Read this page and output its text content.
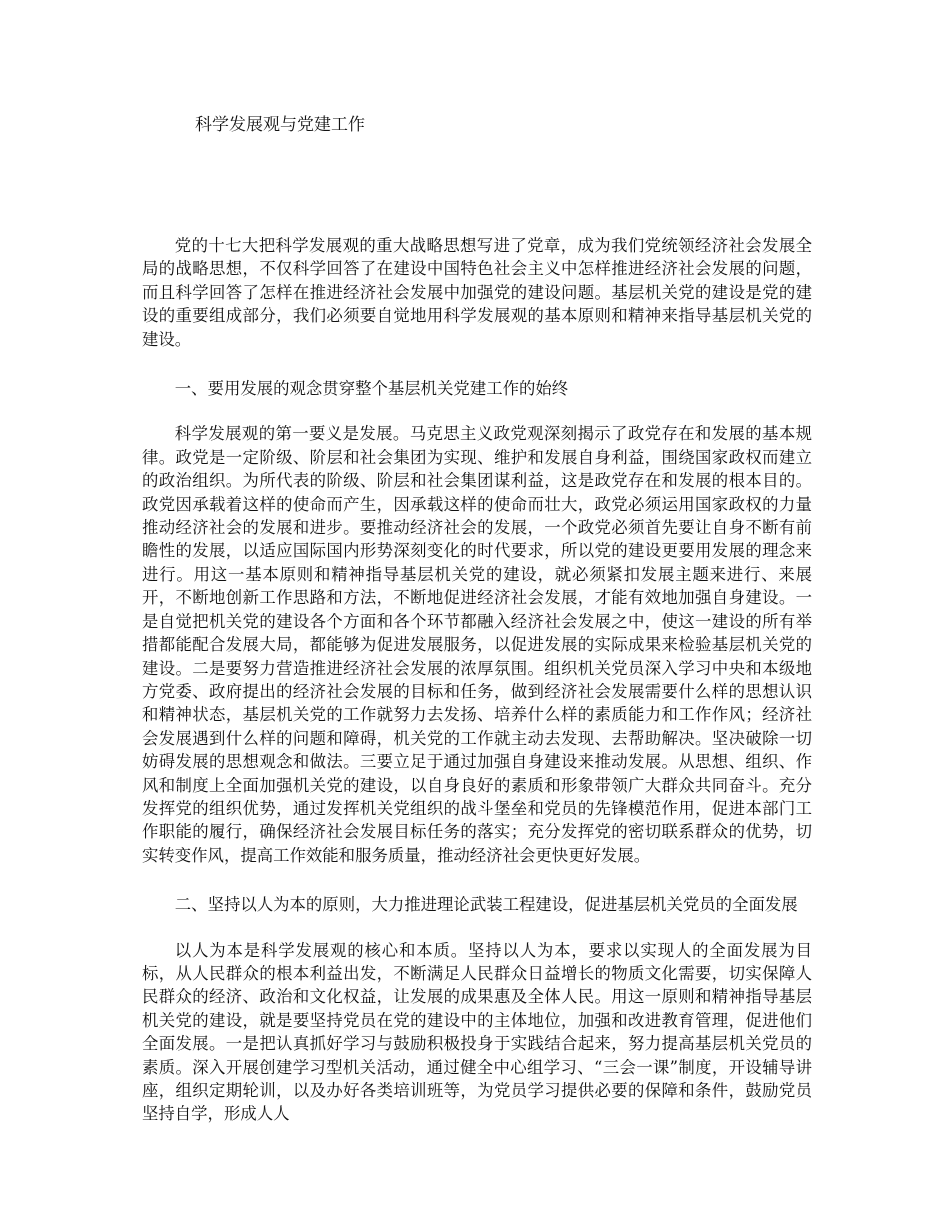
科学发展观与党建工作

党的十七大把科学发展观的重大战略思想写进了党章，成为我们党统领经济社会发展全局的战略思想，不仅科学回答了在建设中国特色社会主义中怎样推进经济社会发展的问题，而且科学回答了怎样在推进经济社会发展中加强党的建设问题。基层机关党的建设是党的建设的重要组成部分，我们必须要自觉地用科学发展观的基本原则和精神来指导基层机关党的建设。

一、要用发展的观念贯穿整个基层机关党建工作的始终

科学发展观的第一要义是发展。马克思主义政党观深刻揭示了政党存在和发展的基本规律。政党是一定阶级、阶层和社会集团为实现、维护和发展自身利益，围绕国家政权而建立的政治组织。为所代表的阶级、阶层和社会集团谋利益，这是政党存在和发展的根本目的。政党因承载着这样的使命而产生，因承载这样的使命而壮大，政党必须运用国家政权的力量推动经济社会的发展和进步。要推动经济社会的发展，一个政党必须首先要让自身不断有前瞻性的发展，以适应国际国内形势深刻变化的时代要求，所以党的建设更要用发展的理念来进行。用这一基本原则和精神指导基层机关党的建设，就必须紧扣发展主题来进行、来展开，不断地创新工作思路和方法，不断地促进经济社会发展，才能有效地加强自身建设。一是自觉把机关党的建设各个方面和各个环节都融入经济社会发展之中，使这一建设的所有举措都能配合发展大局，都能够为促进发展服务，以促进发展的实际成果来检验基层机关党的建设。二是要努力营造推进经济社会发展的浓厚氛围。组织机关党员深入学习中央和本级地方党委、政府提出的经济社会发展的目标和任务，做到经济社会发展需要什么样的思想认识和精神状态，基层机关党的工作就努力去发扬、培养什么样的素质能力和工作作风；经济社会发展遇到什么样的问题和障碍，机关党的工作就主动去发现、去帮助解决。坚决破除一切妨碍发展的思想观念和做法。三要立足于通过加强自身建设来推动发展。从思想、组织、作风和制度上全面加强机关党的建设，以自身良好的素质和形象带领广大群众共同奋斗。充分发挥党的组织优势，通过发挥机关党组织的战斗堡垒和党员的先锋模范作用，促进本部门工作职能的履行，确保经济社会发展目标任务的落实；充分发挥党的密切联系群众的优势，切实转变作风，提高工作效能和服务质量，推动经济社会更快更好发展。

二、坚持以人为本的原则，大力推进理论武装工程建设，促进基层机关党员的全面发展

以人为本是科学发展观的核心和本质。坚持以人为本，要求以实现人的全面发展为目标，从人民群众的根本利益出发，不断满足人民群众日益增长的物质文化需要，切实保障人民群众的经济、政治和文化权益，让发展的成果惠及全体人民。用这一原则和精神指导基层机关党的建设，就是要坚持党员在党的建设中的主体地位，加强和改进教育管理，促进他们全面发展。一是把认真抓好学习与鼓励积极投身于实践结合起来，努力提高基层机关党员的素质。深入开展创建学习型机关活动，通过健全中心组学习、“三会一课”制度，开设辅导讲座，组织定期轮训，以及办好各类培训班等，为党员学习提供必要的保障和条件，鼓励党员坚持自学，形成人人
